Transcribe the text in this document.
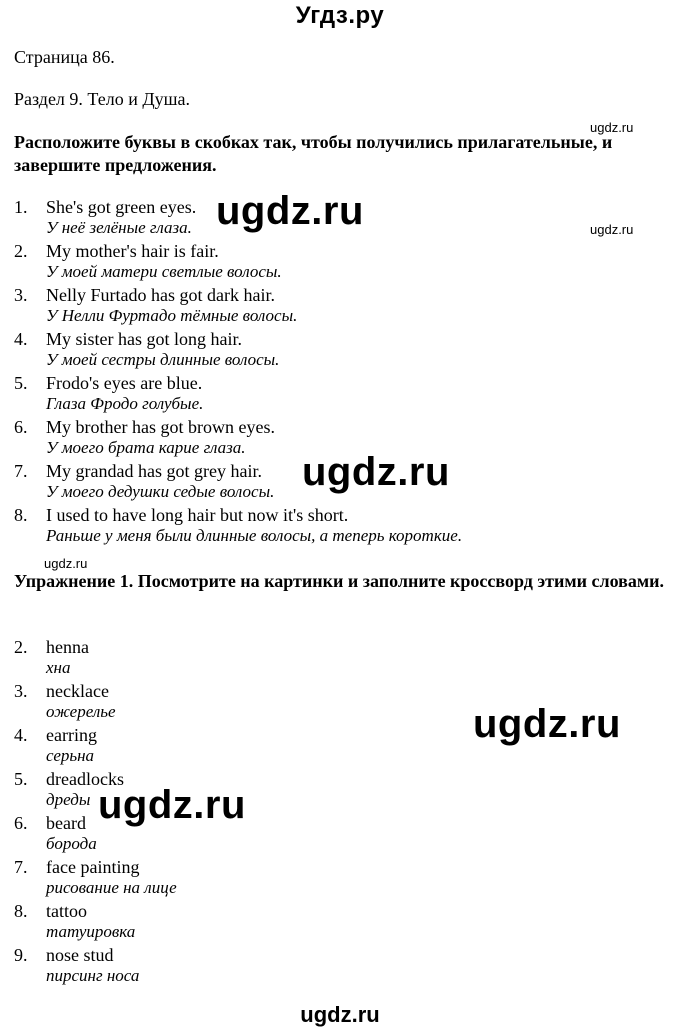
Угдз.ру
Страница 86.
Раздел 9. Тело и Душа.
ugdz.ru
Расположите буквы в скобках так, чтобы получились прилагательные, и завершите предложения.
ugdz.ru
1. She's got green eyes.
У неё зелёные глаза.
2. My mother's hair is fair.
У моей матери светлые волосы.
3. Nelly Furtado has got dark hair.
У Нелли Фуртадо тёмные волосы.
4. My sister has got long hair.
У моей сестры длинные волосы.
5. Frodo's eyes are blue.
Глаза Фродо голубые.
6. My brother has got brown eyes.
У моего брата карие глаза.
7. My grandad has got grey hair.
У моего дедушки седые волосы.
8. I used to have long hair but now it's short.
Раньше у меня были длинные волосы, а теперь короткие.
ugdz.ru
ugdz.ru
ugdz.ru
Упражнение 1. Посмотрите на картинки и заполните кроссворд этими словами.
2. henna
хна
3. necklace
ожерелье
4. earring
серьна
5. dreadlocks
дреды
6. beard
борода
7. face painting
рисование на лице
8. tattoo
татуировка
9. nose stud
пирсинг носа
ugdz.ru
ugdz.ru
ugdz.ru
